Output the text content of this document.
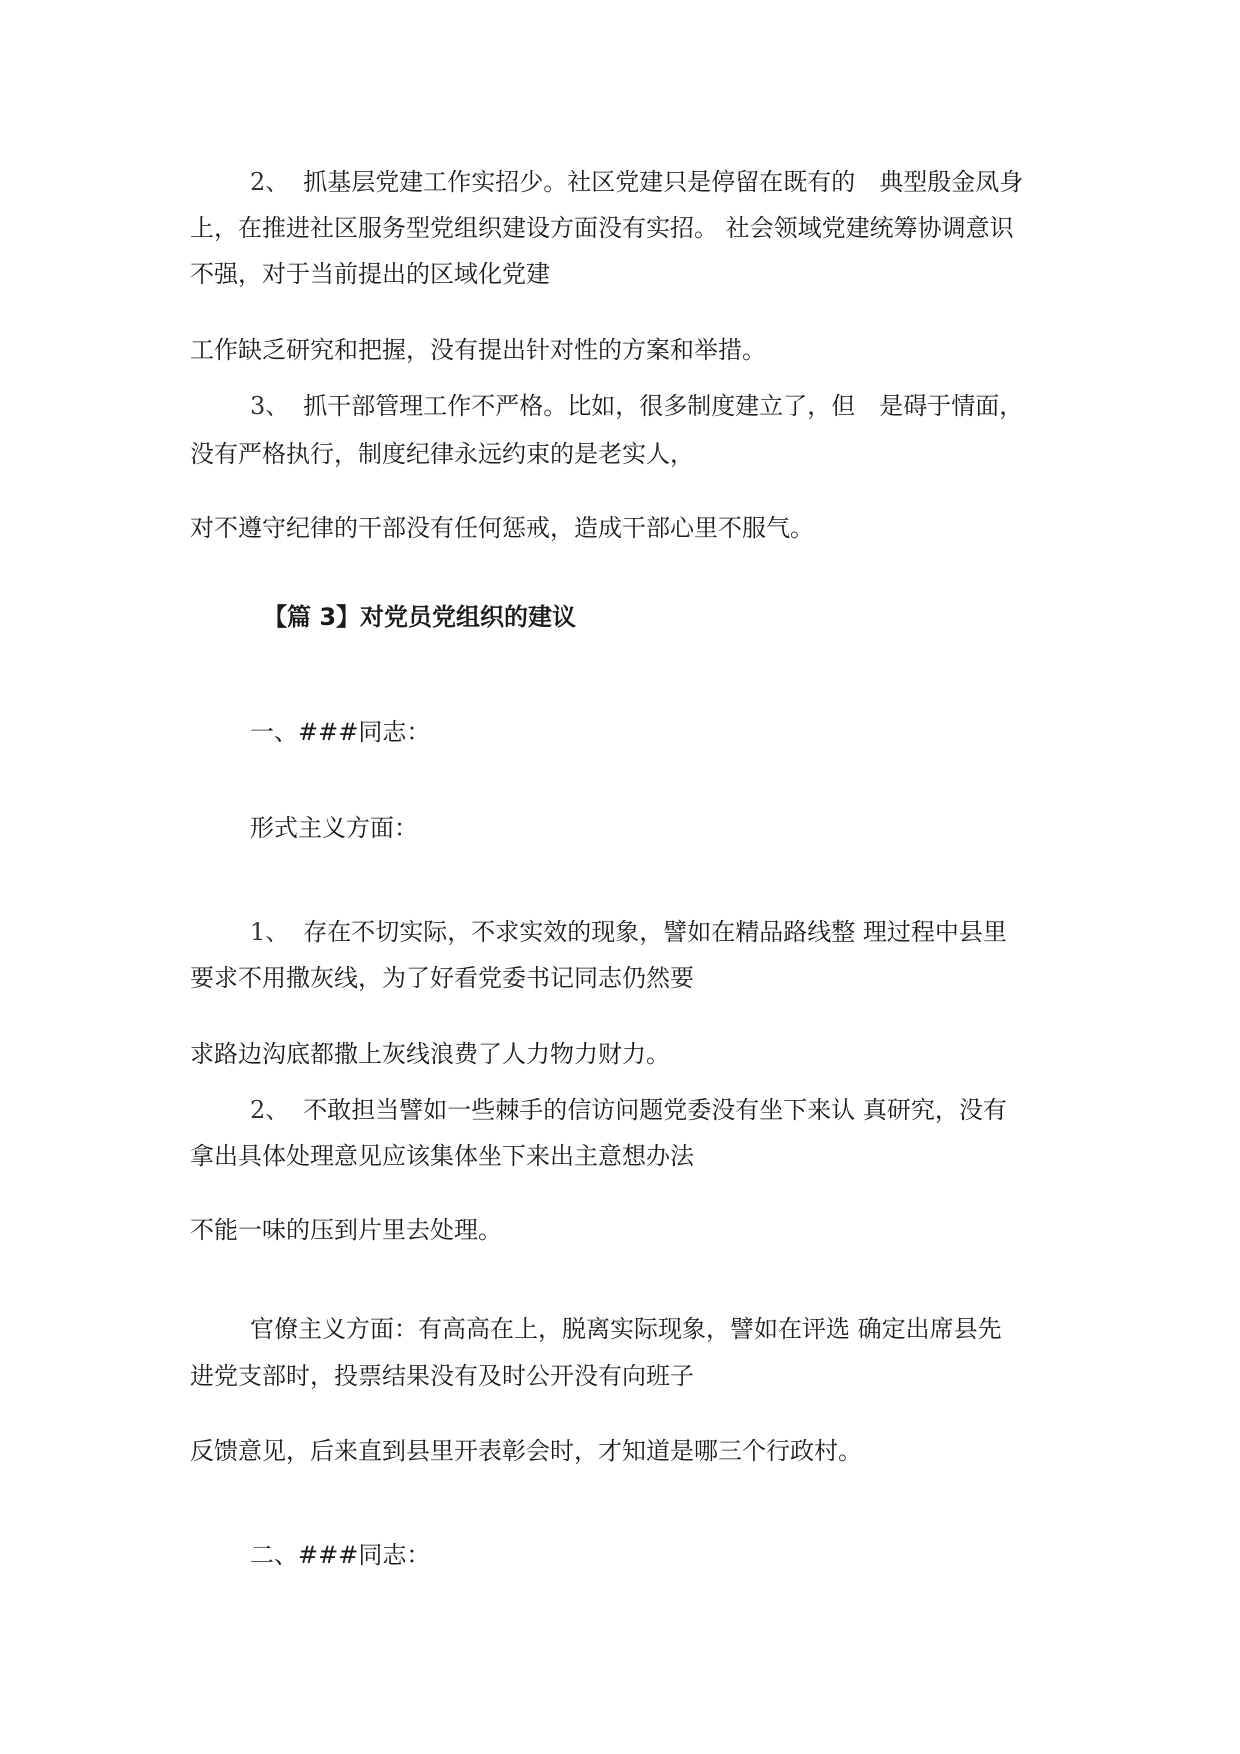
2、 抓基层党建工作实招少。社区党建只是停留在既有的　典型殷金凤身
上，在推进社区服务型党组织建设方面没有实招。 社会领域党建统筹协调意识
不强，对于当前提出的区域化党建
工作缺乏研究和把握，没有提出针对性的方案和举措。
3、 抓干部管理工作不严格。比如，很多制度建立了，但　是碍于情面，
没有严格执行，制度纪律永远约束的是老实人，
对不遵守纪律的干部没有任何惩戒，造成干部心里不服气。
【篇 3】对党员党组织的建议
一、###同志：
形式主义方面：
1、 存在不切实际，不求实效的现象，譬如在精品路线整 理过程中县里
要求不用撒灰线，为了好看党委书记同志仍然要
求路边沟底都撒上灰线浪费了人力物力财力。
2、 不敢担当譬如一些棘手的信访问题党委没有坐下来认 真研究，没有
拿出具体处理意见应该集体坐下来出主意想办法
不能一味的压到片里去处理。
官僚主义方面：有高高在上，脱离实际现象，譬如在评选 确定出席县先
进党支部时，投票结果没有及时公开没有向班子
反馈意见，后来直到县里开表彰会时，才知道是哪三个行政村。
二、###同志：
